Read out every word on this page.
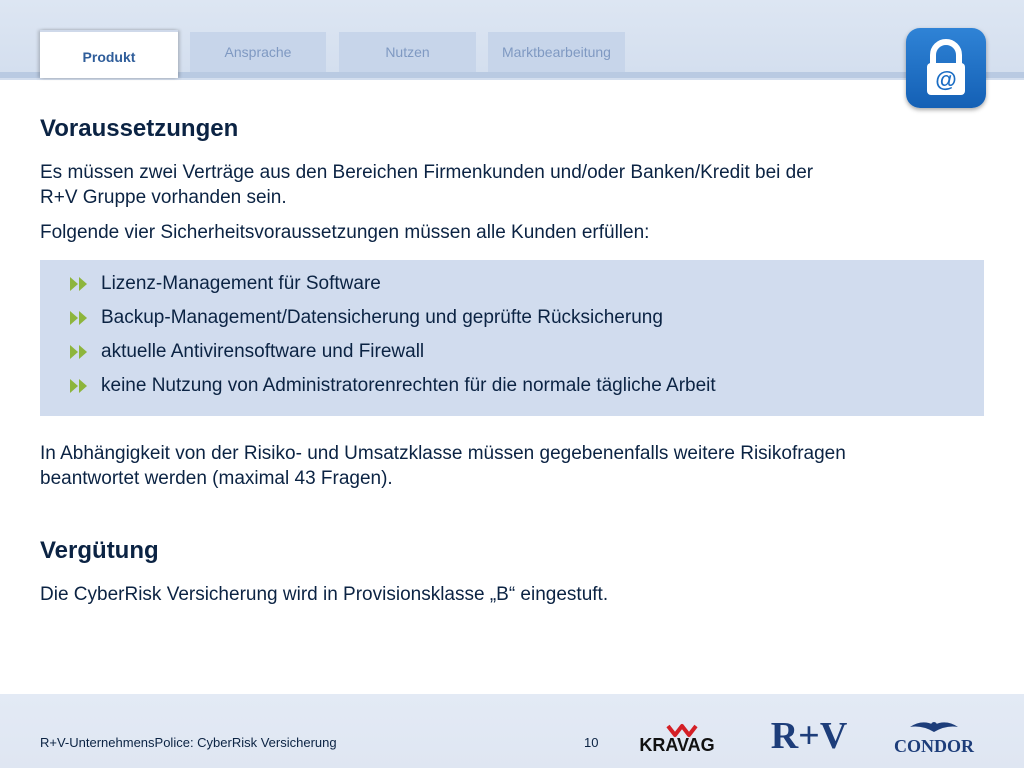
Produkt	Ansprache	Nutzen	Marktbearbeitung
@
Voraussetzungen
Es müssen zwei Verträge aus den Bereichen Firmenkunden und/oder Banken/Kredit bei der
R+V Gruppe vorhanden sein.
Folgende vier Sicherheitsvoraussetzungen müssen alle Kunden erfüllen:
Lizenz-Management für Software
Backup-Management/Datensicherung und geprüfte Rücksicherung
aktuelle Antivirensoftware und Firewall
keine Nutzung von Administratorenrechten für die normale tägliche Arbeit
In Abhängigkeit von der Risiko- und Umsatzklasse müssen gegebenenfalls weitere Risikofragen
beantwortet werden (maximal 43 Fragen).
Vergütung
Die CyberRisk Versicherung wird in Provisionsklasse „B“ eingestuft.
R+V-UnternehmensPolice: CyberRisk Versicherung	10 KRAVAG R+V	CONDOR
